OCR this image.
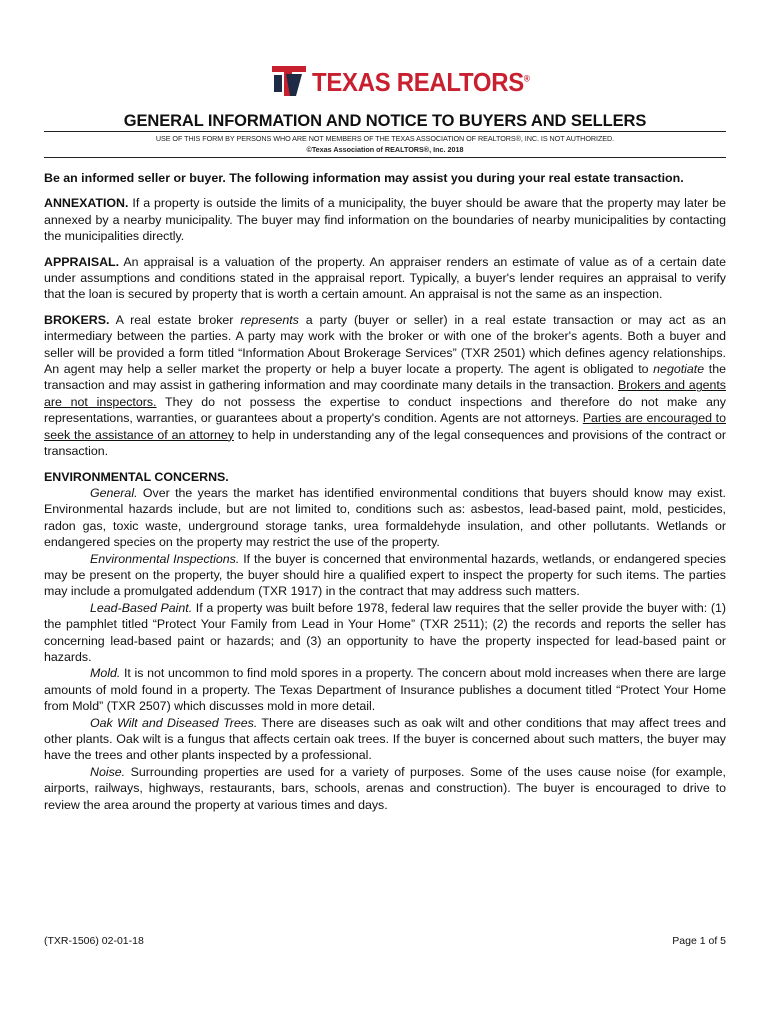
TEXAS REALTORS®
GENERAL INFORMATION AND NOTICE TO BUYERS AND SELLERS
USE OF THIS FORM BY PERSONS WHO ARE NOT MEMBERS OF THE TEXAS ASSOCIATION OF REALTORS®, INC. IS NOT AUTHORIZED.
©Texas Association of REALTORS®, Inc. 2018

Be an informed seller or buyer. The following information may assist you during your real estate transaction.

ANNEXATION. If a property is outside the limits of a municipality, the buyer should be aware that the property may later be annexed by a nearby municipality. The buyer may find information on the boundaries of nearby municipalities by contacting the municipalities directly.

APPRAISAL. An appraisal is a valuation of the property. An appraiser renders an estimate of value as of a certain date under assumptions and conditions stated in the appraisal report. Typically, a buyer's lender requires an appraisal to verify that the loan is secured by property that is worth a certain amount. An appraisal is not the same as an inspection.

BROKERS. A real estate broker represents a party (buyer or seller) in a real estate transaction or may act as an intermediary between the parties. A party may work with the broker or with one of the broker's agents. Both a buyer and seller will be provided a form titled “Information About Brokerage Services” (TXR 2501) which defines agency relationships. An agent may help a seller market the property or help a buyer locate a property. The agent is obligated to negotiate the transaction and may assist in gathering information and may coordinate many details in the transaction. Brokers and agents are not inspectors. They do not possess the expertise to conduct inspections and therefore do not make any representations, warranties, or guarantees about a property's condition. Agents are not attorneys. Parties are encouraged to seek the assistance of an attorney to help in understanding any of the legal consequences and provisions of the contract or transaction.

ENVIRONMENTAL CONCERNS.
General. Over the years the market has identified environmental conditions that buyers should know may exist. Environmental hazards include, but are not limited to, conditions such as: asbestos, lead-based paint, mold, pesticides, radon gas, toxic waste, underground storage tanks, urea formaldehyde insulation, and other pollutants. Wetlands or endangered species on the property may restrict the use of the property.
Environmental Inspections. If the buyer is concerned that environmental hazards, wetlands, or endangered species may be present on the property, the buyer should hire a qualified expert to inspect the property for such items. The parties may include a promulgated addendum (TXR 1917) in the contract that may address such matters.
Lead-Based Paint. If a property was built before 1978, federal law requires that the seller provide the buyer with: (1) the pamphlet titled “Protect Your Family from Lead in Your Home” (TXR 2511); (2) the records and reports the seller has concerning lead-based paint or hazards; and (3) an opportunity to have the property inspected for lead-based paint or hazards.
Mold. It is not uncommon to find mold spores in a property. The concern about mold increases when there are large amounts of mold found in a property. The Texas Department of Insurance publishes a document titled “Protect Your Home from Mold” (TXR 2507) which discusses mold in more detail.
Oak Wilt and Diseased Trees. There are diseases such as oak wilt and other conditions that may affect trees and other plants. Oak wilt is a fungus that affects certain oak trees. If the buyer is concerned about such matters, the buyer may have the trees and other plants inspected by a professional.
Noise. Surrounding properties are used for a variety of purposes. Some of the uses cause noise (for example, airports, railways, highways, restaurants, bars, schools, arenas and construction). The buyer is encouraged to drive to review the area around the property at various times and days.
(TXR-1506) 02-01-18	Page 1 of 5
